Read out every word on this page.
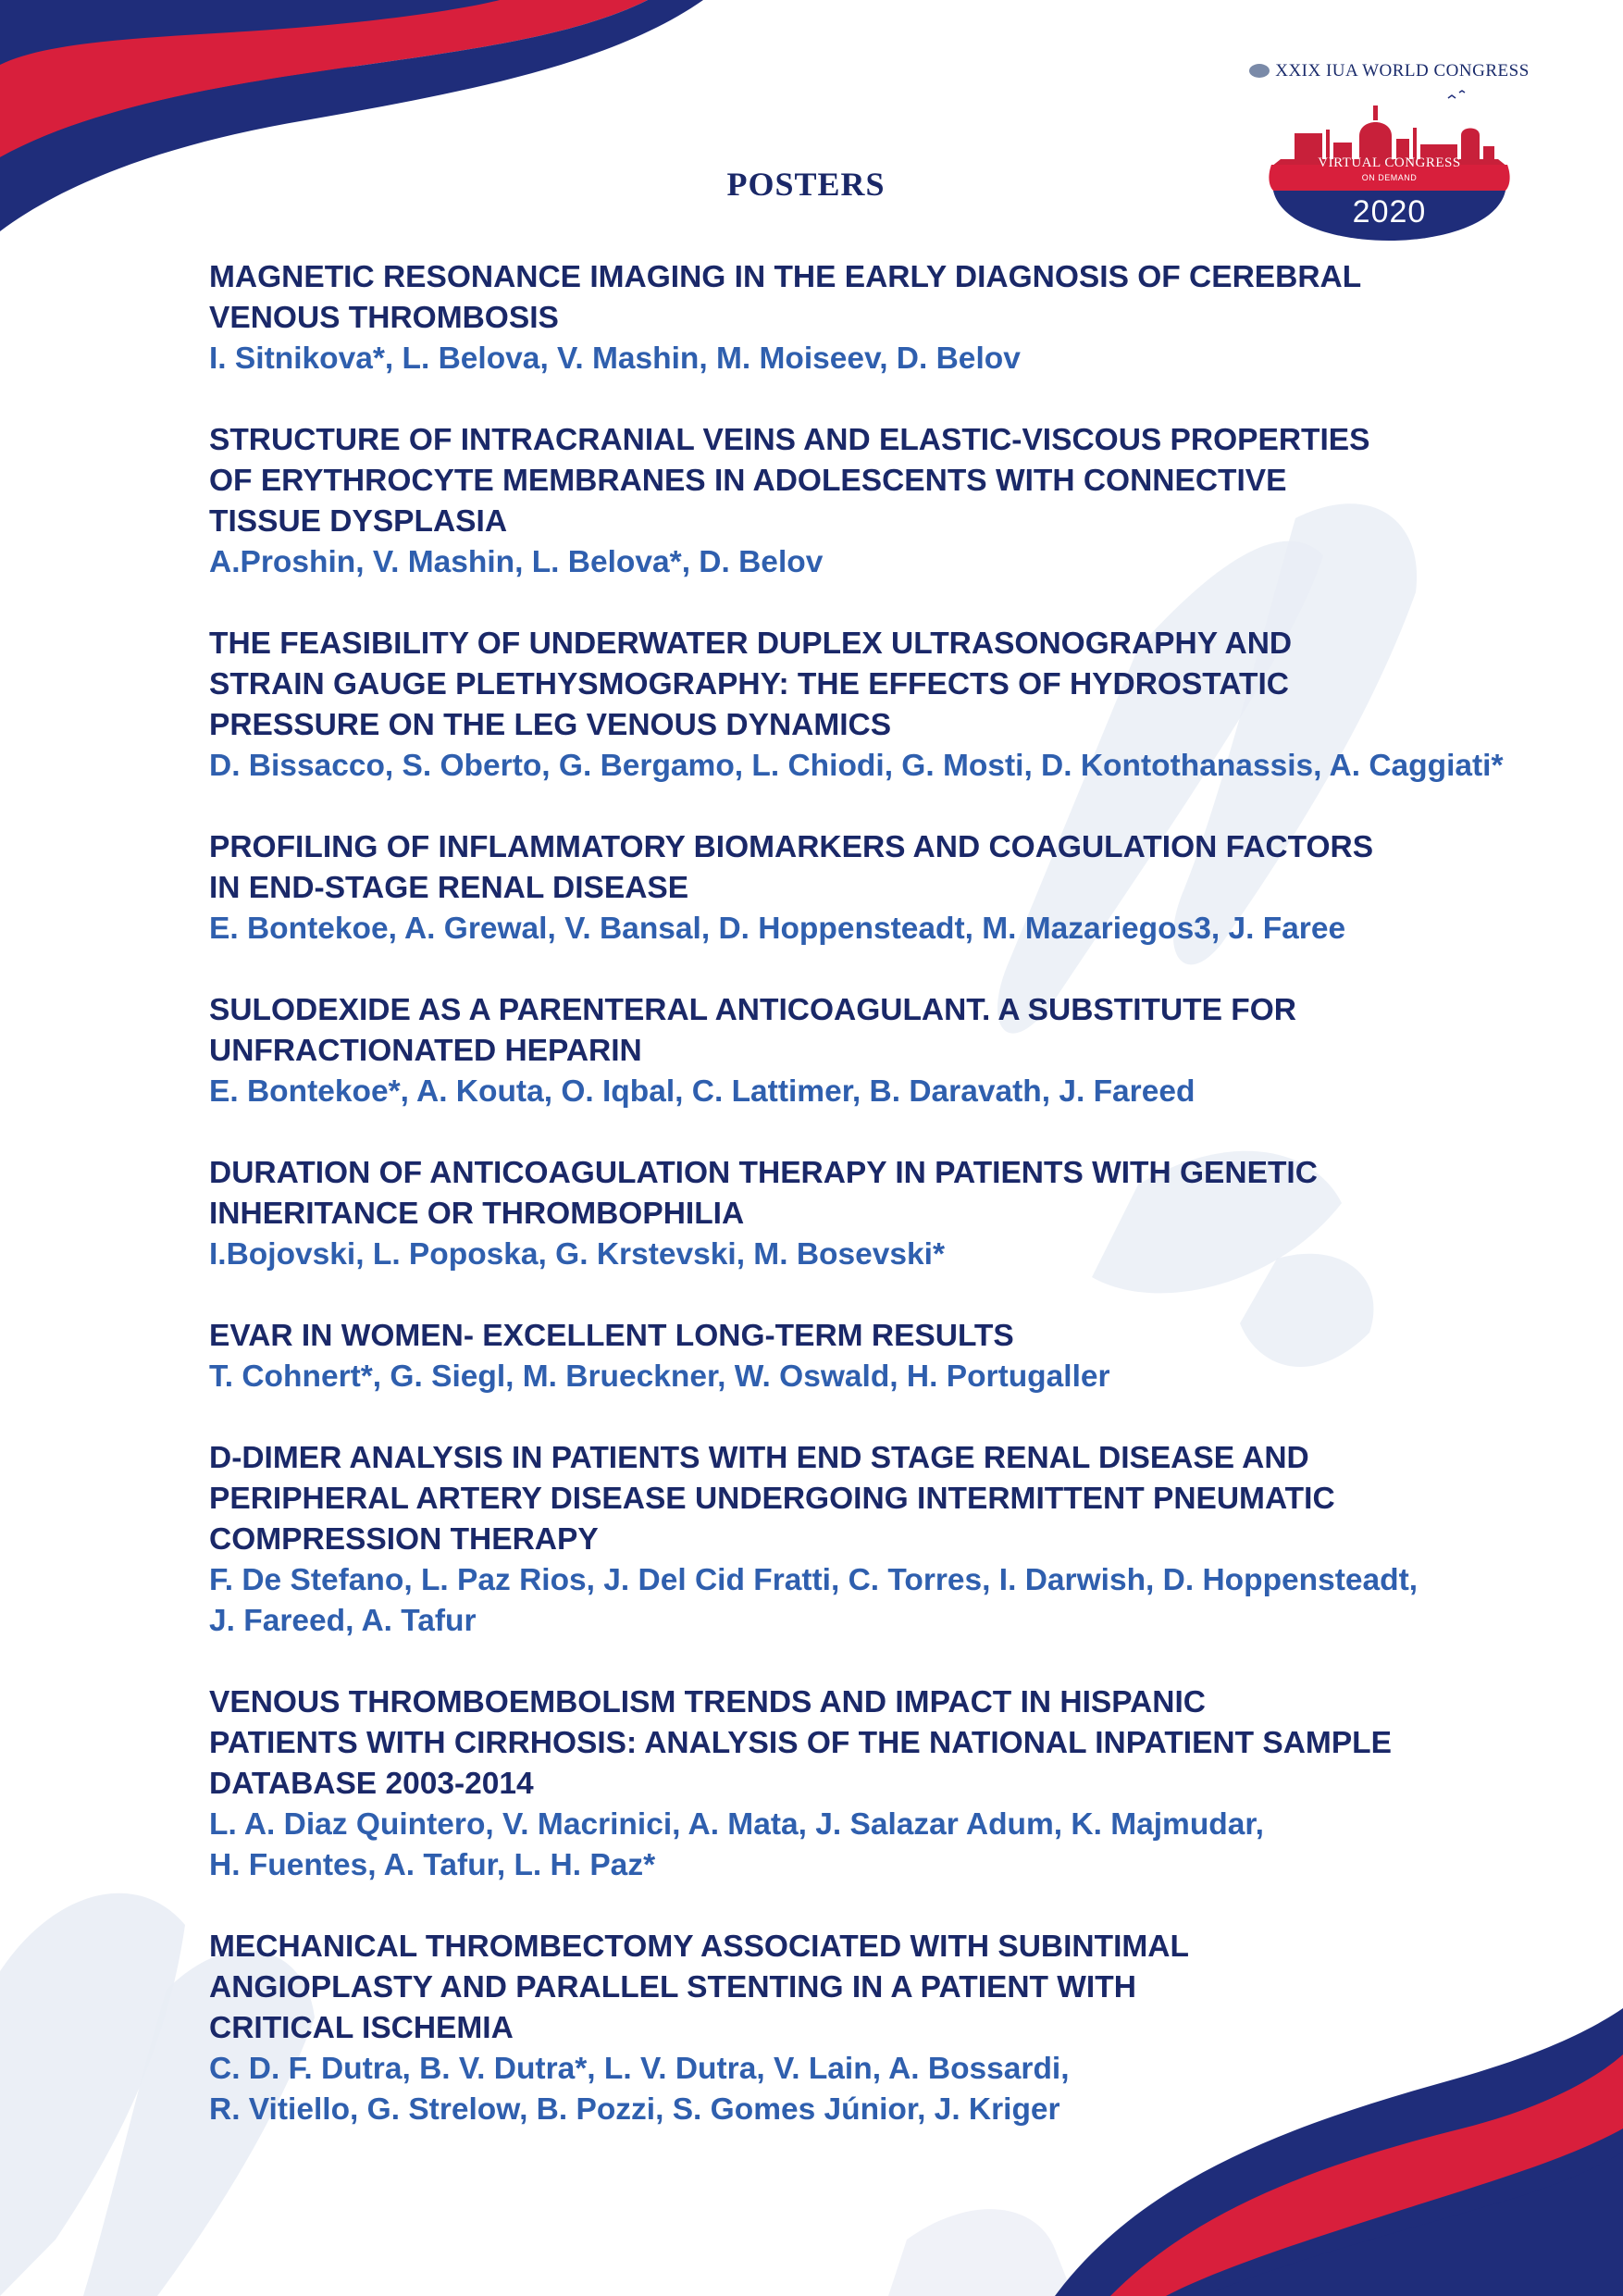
XXIX IUA WORLD CONGRESS
VIRTUAL CONGRESS
ON DEMAND
2020
POSTERS

MAGNETIC RESONANCE IMAGING IN THE EARLY DIAGNOSIS OF CEREBRAL
VENOUS THROMBOSIS

I. Sitnikova*, L. Belova, V. Mashin, M. Moiseev, D. Belov

STRUCTURE OF INTRACRANIAL VEINS AND ELASTIC-VISCOUS PROPERTIES
OF ERYTHROCYTE MEMBRANES IN ADOLESCENTS WITH CONNECTIVE
TISSUE DYSPLASIA

A.Proshin, V. Mashin, L. Belova*, D. Belov

THE FEASIBILITY OF UNDERWATER DUPLEX ULTRASONOGRAPHY AND
STRAIN GAUGE PLETHYSMOGRAPHY: THE EFFECTS OF HYDROSTATIC
PRESSURE ON THE LEG VENOUS DYNAMICS

D. Bissacco, S. Oberto, G. Bergamo, L. Chiodi, G. Mosti, D. Kontothanassis, A. Caggiati*

PROFILING OF INFLAMMATORY BIOMARKERS AND COAGULATION FACTORS
IN END-STAGE RENAL DISEASE

E. Bontekoe, A. Grewal, V. Bansal, D. Hoppensteadt, M. Mazariegos3, J. Faree

SULODEXIDE AS A PARENTERAL ANTICOAGULANT. A SUBSTITUTE FOR
UNFRACTIONATED HEPARIN

E. Bontekoe*, A. Kouta, O. Iqbal, C. Lattimer, B. Daravath, J. Fareed

DURATION OF ANTICOAGULATION THERAPY IN PATIENTS WITH GENETIC
INHERITANCE OR THROMBOPHILIA

I.Bojovski, L. Poposka, G. Krstevski, M. Bosevski*

EVAR IN WOMEN- EXCELLENT LONG-TERM RESULTS

T. Cohnert*, G. Siegl, M. Brueckner, W. Oswald, H. Portugaller

D-DIMER ANALYSIS IN PATIENTS WITH END STAGE RENAL DISEASE AND
PERIPHERAL ARTERY DISEASE UNDERGOING INTERMITTENT PNEUMATIC
COMPRESSION THERAPY

F. De Stefano, L. Paz Rios, J. Del Cid Fratti, C. Torres, I. Darwish, D. Hoppensteadt,
J. Fareed, A. Tafur

VENOUS THROMBOEMBOLISM TRENDS AND IMPACT IN HISPANIC
PATIENTS WITH CIRRHOSIS: ANALYSIS OF THE NATIONAL INPATIENT SAMPLE
DATABASE 2003-2014

L. A. Diaz Quintero, V. Macrinici, A. Mata, J. Salazar Adum, K. Majmudar,
H. Fuentes, A. Tafur, L. H. Paz*

MECHANICAL THROMBECTOMY ASSOCIATED WITH SUBINTIMAL
ANGIOPLASTY AND PARALLEL STENTING IN A PATIENT WITH
CRITICAL ISCHEMIA

C. D. F. Dutra, B. V. Dutra*, L. V. Dutra, V. Lain, A. Bossardi,
R. Vitiello, G. Strelow, B. Pozzi, S. Gomes Júnior, J. Kriger
